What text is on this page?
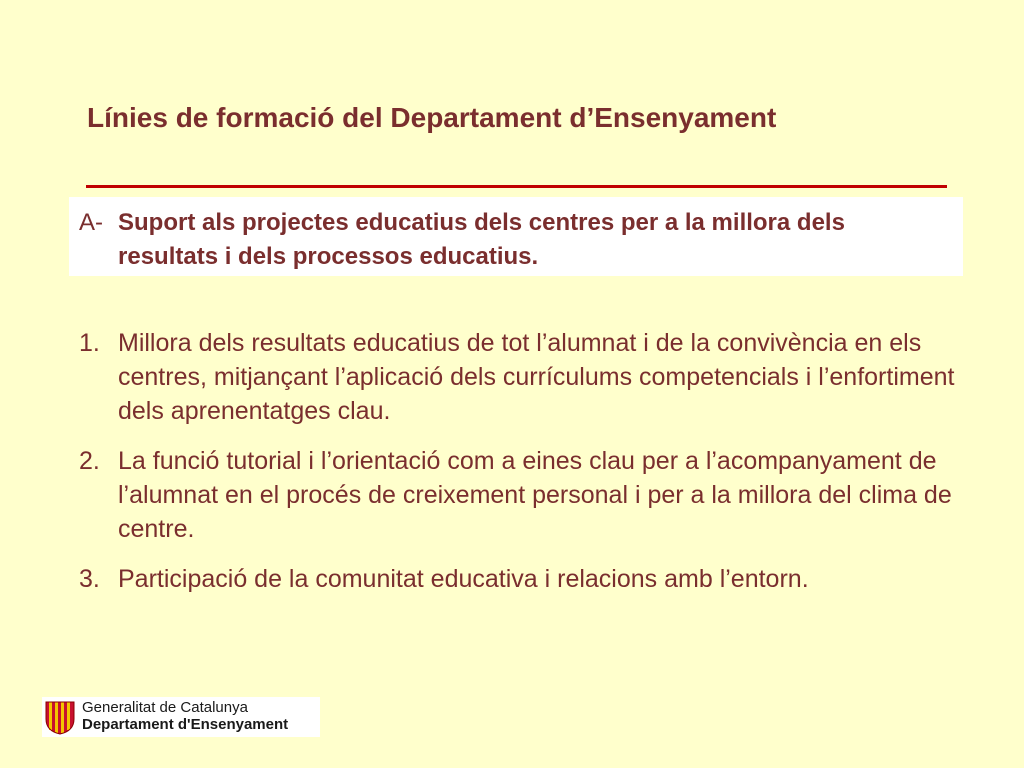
Línies de formació del Departament d’Ensenyament
A- Suport als projectes educatius dels centres per a la millora dels resultats i dels processos educatius.
1. Millora dels resultats educatius de tot l’alumnat i de la convivència en els centres, mitjançant l’aplicació dels currículums competencials i l’enfortiment dels aprenentatges clau.
2. La funció tutorial i l’orientació com a eines clau per a l’acompanyament de l’alumnat en el procés de creixement personal i per a la millora del clima de centre.
3. Participació de la comunitat educativa i relacions amb l’entorn.
Generalitat de Catalunya
Departament d'Ensenyament
